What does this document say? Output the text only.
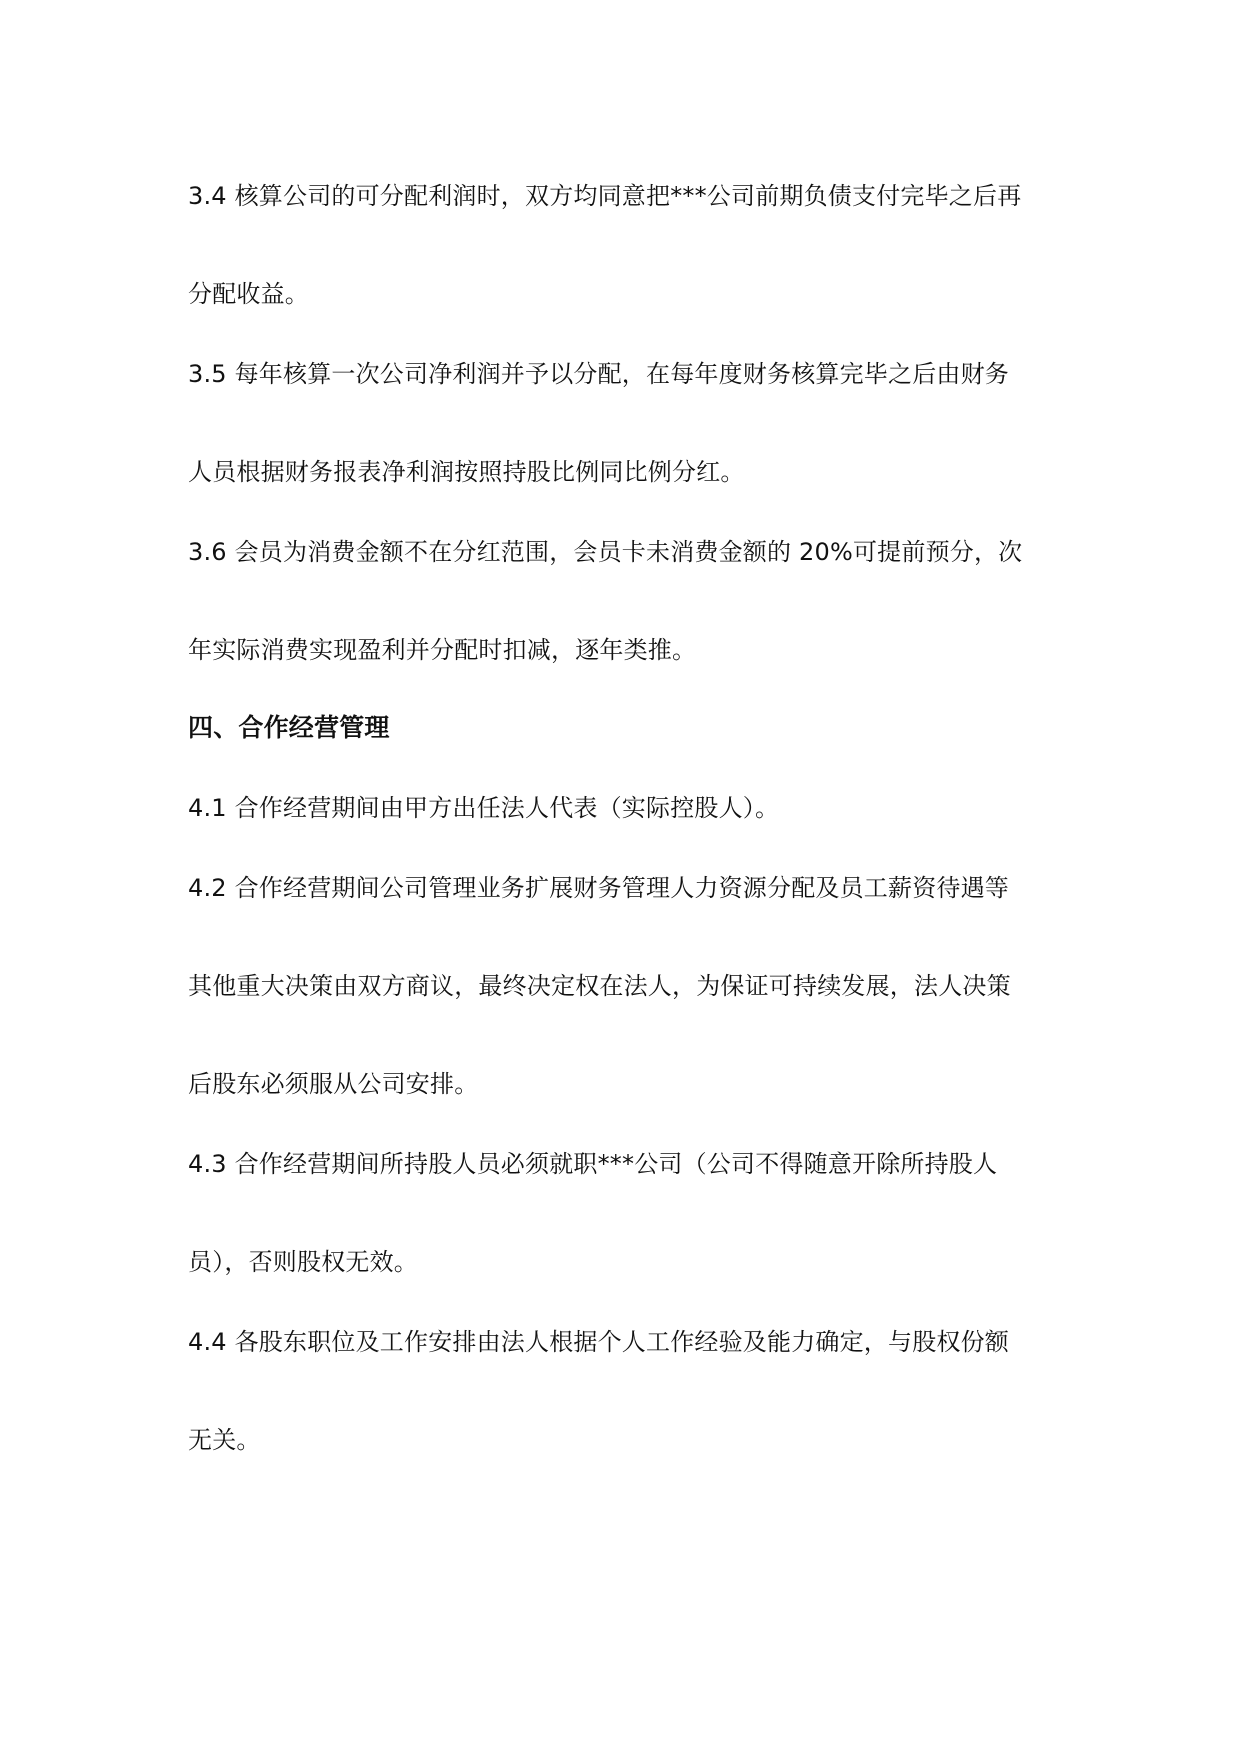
3.4 核算公司的可分配利润时，双方均同意把***公司前期负债支付完毕之后再
分配收益。
3.5 每年核算一次公司净利润并予以分配，在每年度财务核算完毕之后由财务
人员根据财务报表净利润按照持股比例同比例分红。
3.6 会员为消费金额不在分红范围，会员卡未消费金额的 20%可提前预分，次
年实际消费实现盈利并分配时扣减，逐年类推。
四、合作经营管理
4.1 合作经营期间由甲方出任法人代表（实际控股人）。
4.2 合作经营期间公司管理业务扩展财务管理人力资源分配及员工薪资待遇等
其他重大决策由双方商议，最终决定权在法人，为保证可持续发展，法人决策
后股东必须服从公司安排。
4.3 合作经营期间所持股人员必须就职***公司（公司不得随意开除所持股人
员），否则股权无效。
4.4 各股东职位及工作安排由法人根据个人工作经验及能力确定，与股权份额
无关。
